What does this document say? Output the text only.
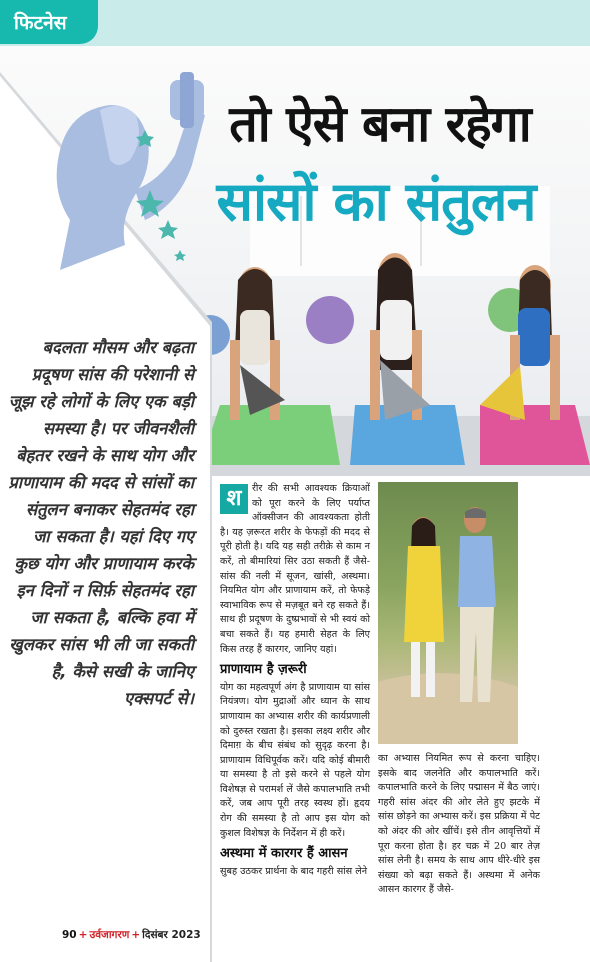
फिटनेस
तो ऐसे बना रहेगा
सांसों का संतुलन
बदलता मौसम और बढ़ता प्रदूषण सांस की परेशानी से जूझ रहे लोगों के लिए एक बड़ी समस्या है। पर जीवनशैली बेहतर रखने के साथ योग और प्राणायाम की मदद से सांसों का संतुलन बनाकर सेहतमंद रहा जा सकता है। यहां दिए गए कुछ योग और प्राणायाम करके इन दिनों न सिर्फ़ सेहतमंद रहा जा सकता है, बल्कि हवा में खुलकर सांस भी ली जा सकती है, कैसे सखी के जानिए एक्सपर्ट से।

श	रीर की सभी आवश्यक क्रियाओं को पूरा करने के लिए पर्याप्त ऑक्सीजन की आवश्यकता होती है। यह ज़रूरत शरीर के फेफड़ों की मदद से पूरी होती है। यदि यह सही तरीक़े से काम न करें, तो बीमारियां सिर उठा सकती हैं जैसे-सांस की नली में सूजन, खांसी, अस्थमा। नियमित योग और प्राणायाम करें, तो फेफड़े स्वाभाविक रूप से मज़बूत बने रह सकते हैं। साथ ही प्रदूषण के दुष्प्रभावों से भी स्वयं को बचा सकते हैं। यह हमारी सेहत के लिए किस तरह हैं कारगर, जानिए यहां।

प्राणायाम है ज़रूरी

योग का महत्वपूर्ण अंग है प्राणायाम या सांस नियंत्रण। योग मुद्राओं और ध्यान के साथ प्राणायाम का अभ्यास शरीर की कार्यप्रणाली को दुरुस्त रखता है। इसका लक्ष्य शरीर और दिमाग़ के बीच संबंध को सुदृढ़ करना है। प्राणायाम विधिपूर्वक करें। यदि कोई बीमारी या समस्या है तो इसे करने से पहले योग विशेषज्ञ से परामर्श लें जैसे कपालभाति तभी करें, जब आप पूरी तरह स्वस्थ हों। हृदय रोग की समस्या है तो आप इस योग को कुशल विशेषज्ञ के निर्देशन में ही करें।

अस्थमा में कारगर हैं आसन

सुबह उठकर प्रार्थना के बाद गहरी सांस लेने

का अभ्यास नियमित रूप से करना चाहिए। इसके बाद जलनेति और कपालभाति करें। कपालभाति करने के लिए पद्मासन में बैठ जाएं। गहरी सांस अंदर की ओर लेते हुए झटके में सांस छोड़ने का अभ्यास करें। इस प्रक्रिया में पेट को अंदर की ओर खींचें। इसे तीन आवृत्तियों में पूरा करना होता है। हर चक्र में 20 बार तेज़ सांस लेनी है। समय के साथ आप धीरे-धीरे इस संख्या को बढ़ा सकते हैं। अस्थमा में अनेक आसन कारगर हैं जैसे-

90 + उर्वजागरण + दिसंबर 2023
